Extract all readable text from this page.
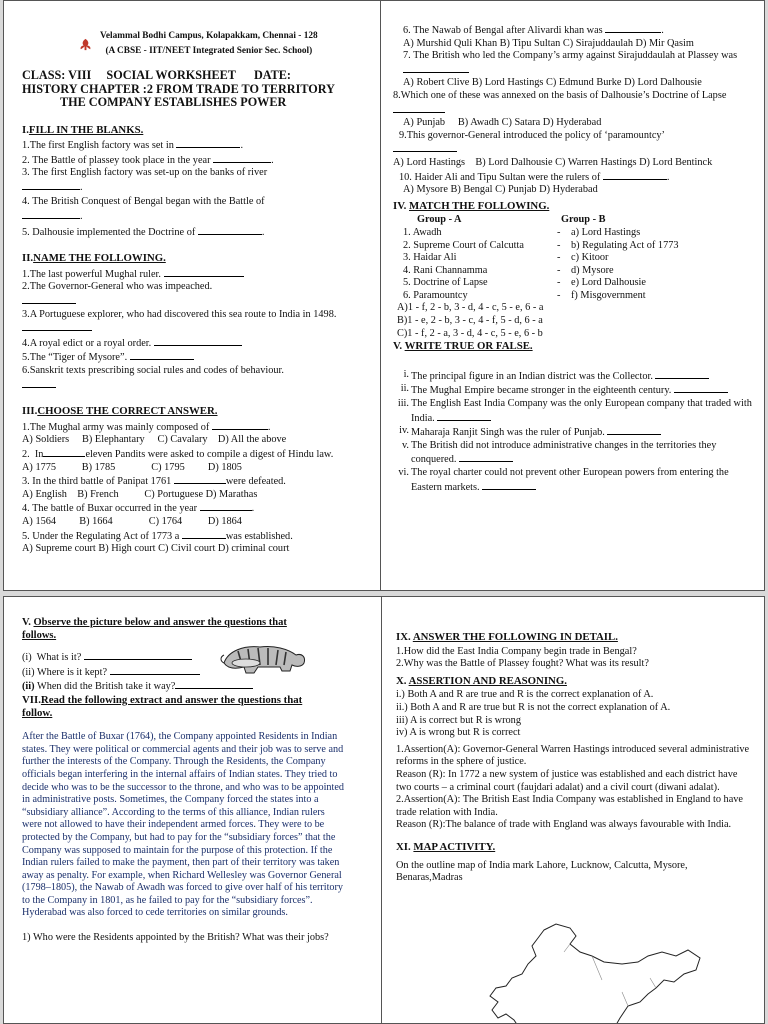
Velammal Bodhi Campus, Kolapakkam, Chennai - 128
(A CBSE - IIT/NEET Integrated Senior Sec. School)
CLASS: VIII     SOCIAL WORKSHEET      DATE:
HISTORY CHAPTER :2 FROM TRADE TO TERRITORY
THE COMPANY ESTABLISHES POWER
I.FILL IN THE BLANKS.
1.The first English factory was set in	.
2. The Battle of plassey took place in the year	.
3. The first English factory was set-up on the banks of river
.
4. The British Conquest of Bengal began with the Battle of
.
5. Dalhousie implemented the Doctrine of	.
II.NAME THE FOLLOWING.
1.The last powerful Mughal ruler.
2.The Governor-General who was impeached.
3.A Portuguese explorer, who had discovered this sea route to India in 1498.
4.A royal edict or a royal order.
5.The “Tiger of Mysore”.
6.Sanskrit texts prescribing social rules and codes of behaviour.
III.CHOOSE THE CORRECT ANSWER.
1.The Mughal army was mainly composed of	.
A) Soldiers     B) Elephantary     C) Cavalary    D) All the above
2.  In	eleven Pandits were asked to compile a digest of Hindu law.
A) 1775          B) 1785              C) 1795         D) 1805
3. In the third battle of Panipat 1761	were defeated.
A) English    B) French          C) Portuguese D) Marathas
4. The battle of Buxar occurred in the year	.
A) 1564         B) 1664              C) 1764          D) 1864
5. Under the Regulating Act of 1773 a	was established.
A) Supreme court B) High court C) Civil court D) criminal court
6. The Nawab of Bengal after Alivardi khan was	.
A) Murshid Quli Khan B) Tipu Sultan C) Sirajuddaulah D) Mir Qasim
7. The British who led the Company’s army against Sirajuddaulah at Plassey was
A) Robert Clive B) Lord Hastings C) Edmund Burke D) Lord Dalhousie
8.Which one of these was annexed on the basis of Dalhousie’s Doctrine of Lapse
A) Punjab     B) Awadh C) Satara D) Hyderabad
9.This governor-General introduced the policy of ‘paramountcy’
A) Lord Hastings    B) Lord Dalhousie C) Warren Hastings D) Lord Bentinck
10. Haider Ali and Tipu Sultan were the rulers of	.
A) Mysore B) Bengal C) Punjab D) Hyderabad
IV. MATCH THE FOLLOWING.
Group - A	Group - B
1. Awadh	-	a) Lord Hastings
2. Supreme Court of Calcutta	-	b) Regulating Act of 1773
3. Haidar Ali	-	c) Kitoor
4. Rani Channamma	-	d) Mysore
5. Doctrine of Lapse	-	e) Lord Dalhousie
6. Paramountcy	-	f) Misgovernment
A)1 - f, 2 - b, 3 - d, 4 - c, 5 - e, 6 - a
B)1 - e, 2 - b, 3 - c, 4 - f, 5 - d, 6 - a
C)1 - f, 2 - a, 3 - d, 4 - c, 5 - e, 6 - b
V. WRITE TRUE OR FALSE.
i. The principal figure in an Indian district was the Collector.
ii. The Mughal Empire became stronger in the eighteenth century.
iii. The English East India Company was the only European company that traded with India.
iv. Maharaja Ranjit Singh was the ruler of Punjab.
v. The British did not introduce administrative changes in the territories they conquered.
vi. The royal charter could not prevent other European powers from entering the Eastern markets.
V. Observe the picture below and answer the questions that follows.
(i)  What is it?
(ii) Where is it kept?
(ii) When did the British take it way?
VII.Read the following extract and answer the questions that follow.
After the Battle of Buxar (1764), the Company appointed Residents in Indian states. They were political or commercial agents and their job was to serve and further the interests of the Company. Through the Residents, the Company officials began interfering in the internal affairs of Indian states. They tried to decide who was to be the successor to the throne, and who was to be appointed in administrative posts. Sometimes, the Company forced the states into a “subsidiary alliance”. According to the terms of this alliance, Indian rulers were not allowed to have their independent armed forces. They were to be protected by the Company, but had to pay for the “subsidiary forces” that the Company was supposed to maintain for the purpose of this protection. If the Indian rulers failed to make the payment, then part of their territory was taken away as penalty. For example, when Richard Wellesley was Governor General (1798–1805), the Nawab of Awadh was forced to give over half of his territory to the Company in 1801, as he failed to pay for the “subsidiary forces”. Hyderabad was also forced to cede territories on similar grounds.
1) Who were the Residents appointed by the British? What was their jobs?
IX. ANSWER THE FOLLOWING IN DETAIL.
1.How did the East India Company begin trade in Bengal?
2.Why was the Battle of Plassey fought? What was its result?
X. ASSERTION AND REASONING.
i.) Both A and R are true and R is the correct explanation of A.
ii.) Both A and R are true but R is not the correct explanation of A.
iii) A is correct but R is wrong
iv) A is wrong but R is correct
1.Assertion(A): Governor-General Warren Hastings introduced several administrative reforms in the sphere of justice.
Reason (R): In 1772 a new system of justice was established and each district have two courts – a criminal court (faujdari adalat) and a civil court (diwani adalat).
2.Assertion(A): The British East India Company was established in England to have trade relation with India.
Reason (R):The balance of trade with England was always favourable with India.
XI. MAP ACTIVITY.
On the outline map of India mark Lahore, Lucknow, Calcutta, Mysore, Benaras,Madras
